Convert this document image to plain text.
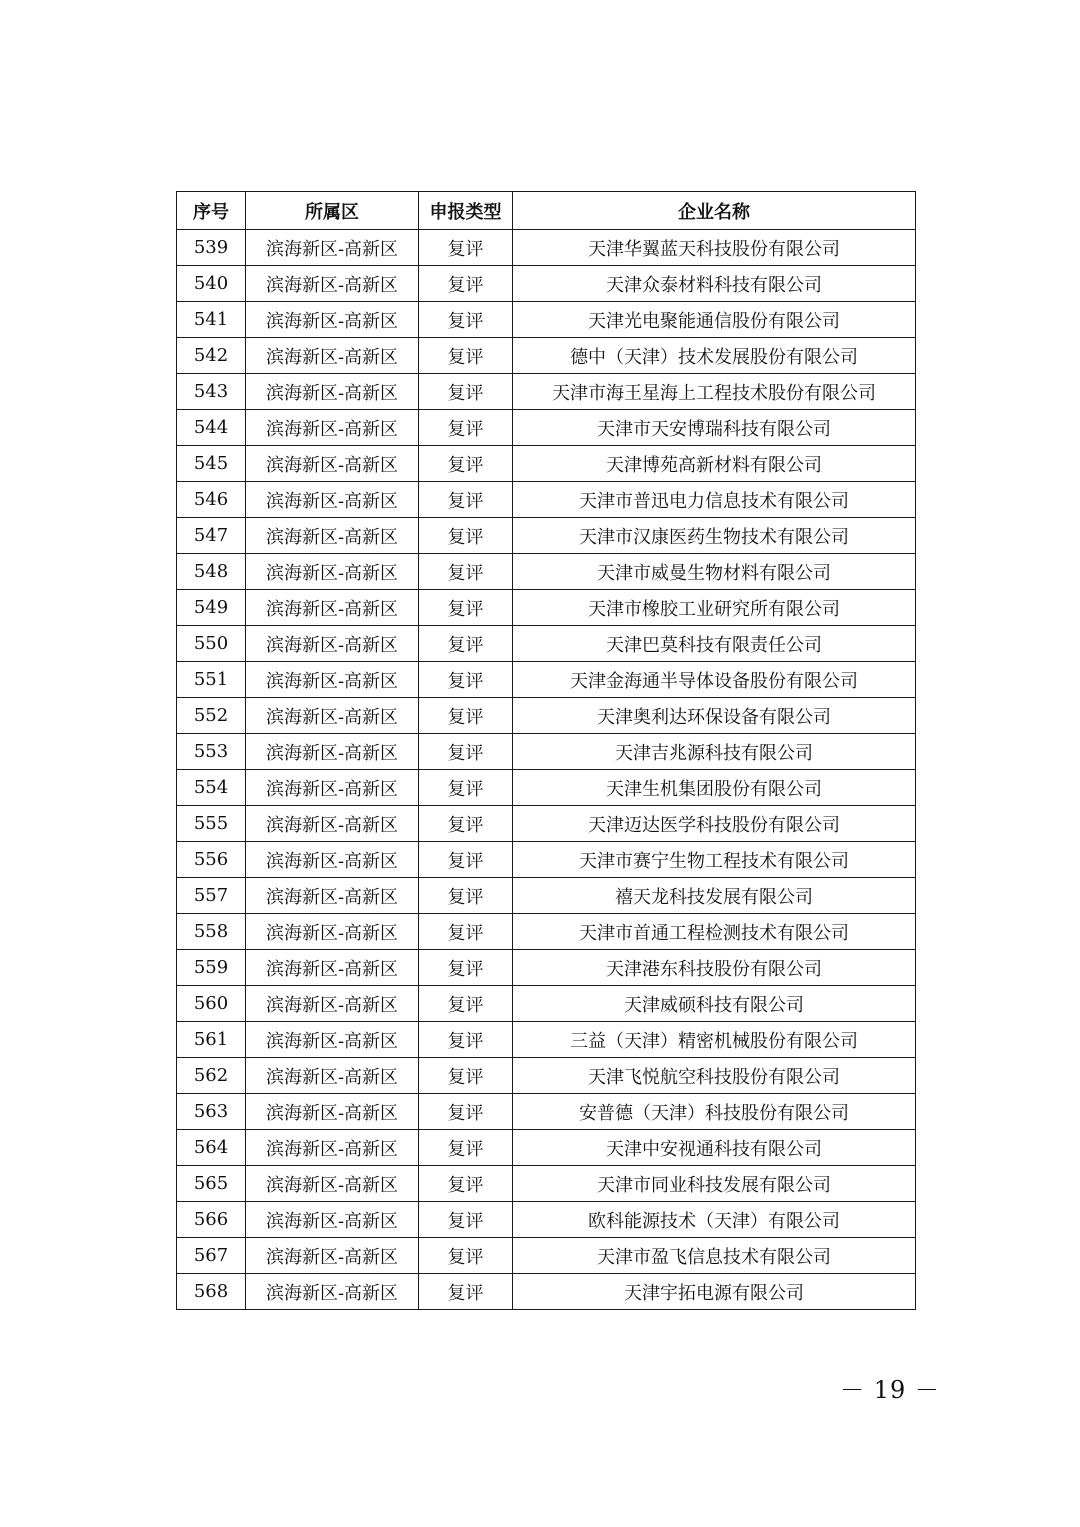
序号	所属区	申报类型	企业名称
539	滨海新区-高新区	复评	天津华翼蓝天科技股份有限公司
540	滨海新区-高新区	复评	天津众泰材料科技有限公司
541	滨海新区-高新区	复评	天津光电聚能通信股份有限公司
542	滨海新区-高新区	复评	德中（天津）技术发展股份有限公司
543	滨海新区-高新区	复评	天津市海王星海上工程技术股份有限公司
544	滨海新区-高新区	复评	天津市天安博瑞科技有限公司
545	滨海新区-高新区	复评	天津博苑高新材料有限公司
546	滨海新区-高新区	复评	天津市普迅电力信息技术有限公司
547	滨海新区-高新区	复评	天津市汉康医药生物技术有限公司
548	滨海新区-高新区	复评	天津市威曼生物材料有限公司
549	滨海新区-高新区	复评	天津市橡胶工业研究所有限公司
550	滨海新区-高新区	复评	天津巴莫科技有限责任公司
551	滨海新区-高新区	复评	天津金海通半导体设备股份有限公司
552	滨海新区-高新区	复评	天津奥利达环保设备有限公司
553	滨海新区-高新区	复评	天津吉兆源科技有限公司
554	滨海新区-高新区	复评	天津生机集团股份有限公司
555	滨海新区-高新区	复评	天津迈达医学科技股份有限公司
556	滨海新区-高新区	复评	天津市赛宁生物工程技术有限公司
557	滨海新区-高新区	复评	禧天龙科技发展有限公司
558	滨海新区-高新区	复评	天津市首通工程检测技术有限公司
559	滨海新区-高新区	复评	天津港东科技股份有限公司
560	滨海新区-高新区	复评	天津威硕科技有限公司
561	滨海新区-高新区	复评	三益（天津）精密机械股份有限公司
562	滨海新区-高新区	复评	天津飞悦航空科技股份有限公司
563	滨海新区-高新区	复评	安普德（天津）科技股份有限公司
564	滨海新区-高新区	复评	天津中安视通科技有限公司
565	滨海新区-高新区	复评	天津市同业科技发展有限公司
566	滨海新区-高新区	复评	欧科能源技术（天津）有限公司
567	滨海新区-高新区	复评	天津市盈飞信息技术有限公司
568	滨海新区-高新区	复评	天津宇拓电源有限公司
－ 19 －
